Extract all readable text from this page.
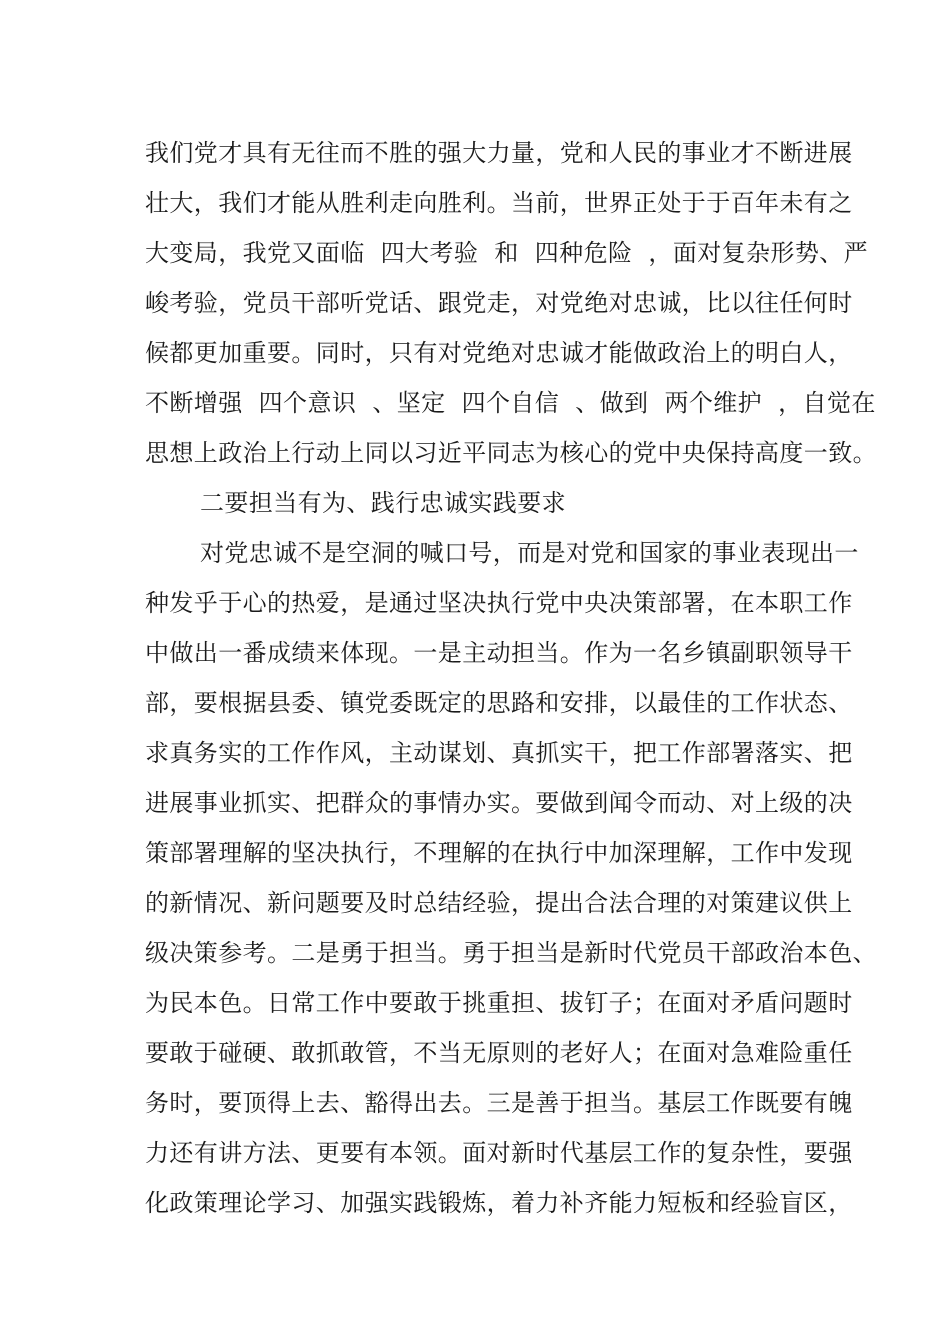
我们党才具有无往而不胜的强大力量，党和人民的事业才不断进展

壮大，我们才能从胜利走向胜利。当前，世界正处于于百年未有之

大变局，我党又面临  四大考验  和  四种危险  ，面对复杂形势、严

峻考验，党员干部听党话、跟党走，对党绝对忠诚，比以往任何时

候都更加重要。同时，只有对党绝对忠诚才能做政治上的明白人，

不断增强  四个意识  、坚定  四个自信  、做到  两个维护  ，自觉在

思想上政治上行动上同以习近平同志为核心的党中央保持高度一致。

二要担当有为、践行忠诚实践要求

对党忠诚不是空洞的喊口号，而是对党和国家的事业表现出一

种发乎于心的热爱，是通过坚决执行党中央决策部署，在本职工作

中做出一番成绩来体现。一是主动担当。作为一名乡镇副职领导干

部，要根据县委、镇党委既定的思路和安排，以最佳的工作状态、

求真务实的工作作风，主动谋划、真抓实干，把工作部署落实、把

进展事业抓实、把群众的事情办实。要做到闻令而动、对上级的决

策部署理解的坚决执行，不理解的在执行中加深理解，工作中发现

的新情况、新问题要及时总结经验，提出合法合理的对策建议供上

级决策参考。二是勇于担当。勇于担当是新时代党员干部政治本色、

为民本色。日常工作中要敢于挑重担、拔钉子；在面对矛盾问题时

要敢于碰硬、敢抓敢管，不当无原则的老好人；在面对急难险重任

务时，要顶得上去、豁得出去。三是善于担当。基层工作既要有魄

力还有讲方法、更要有本领。面对新时代基层工作的复杂性，要强

化政策理论学习、加强实践锻炼，着力补齐能力短板和经验盲区，
